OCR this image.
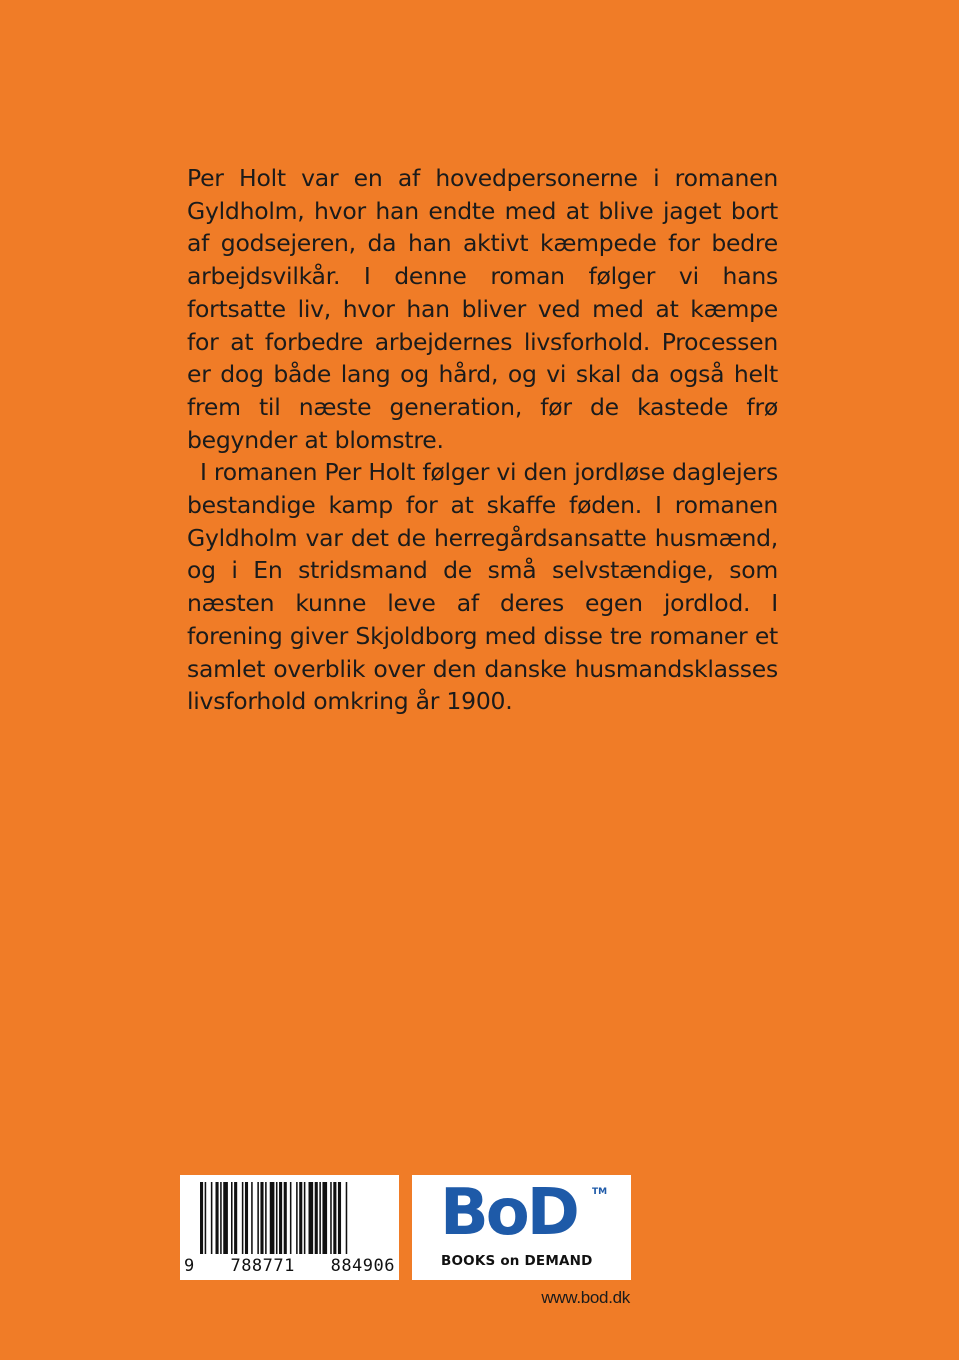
Per Holt var en af hovedpersonerne i romanen Gyldholm, hvor han endte med at blive jaget bort af godsejeren, da han aktivt kæmpede for bedre arbejdsvilkår. I denne roman følger vi hans fortsatte liv, hvor han bliver ved med at kæmpe for at forbedre arbejdernes livsforhold. Processen er dog både lang og hård, og vi skal da også helt frem til næste generation, før de kastede frø begynder at blomstre.

I romanen Per Holt følger vi den jordløse daglejers bestandige kamp for at skaffe føden. I romanen Gyldholm var det de herregårdsansatte husmænd, og i En stridsmand de små selvstændige, som næsten kunne leve af deres egen jordlod. I forening giver Skjoldborg med disse tre romaner et samlet overblik over den danske husmandsklasses livsforhold omkring år 1900.

9 788771 884906
BoD TM
BOOKS on DEMAND
www.bod.dk
